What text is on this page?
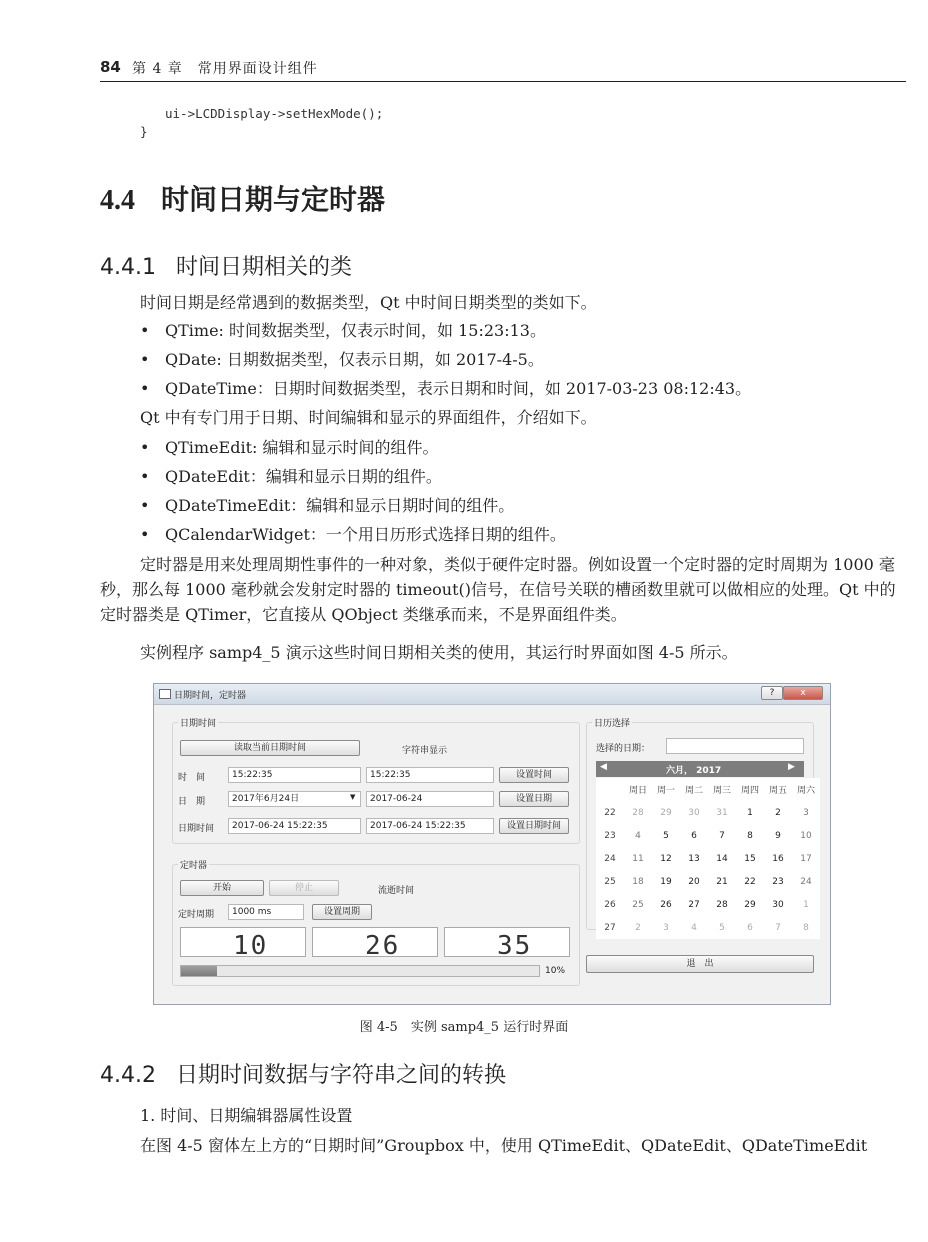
84 第 4 章　常用界面设计组件
ui->LCDDisplay->setHexMode();
}
4.4 时间日期与定时器
4.4.1 时间日期相关的类
时间日期是经常遇到的数据类型，Qt 中时间日期类型的类如下。
• QTime: 时间数据类型，仅表示时间，如 15:23:13。
• QDate: 日期数据类型，仅表示日期，如 2017-4-5。
• QDateTime：日期时间数据类型，表示日期和时间，如 2017-03-23 08:12:43。
Qt 中有专门用于日期、时间编辑和显示的界面组件，介绍如下。
• QTimeEdit: 编辑和显示时间的组件。
• QDateEdit：编辑和显示日期的组件。
• QDateTimeEdit：编辑和显示日期时间的组件。
• QCalendarWidget：一个用日历形式选择日期的组件。
定时器是用来处理周期性事件的一种对象，类似于硬件定时器。例如设置一个定时器的定时周期为 1000 毫秒，那么每 1000 毫秒就会发射定时器的 timeout()信号，在信号关联的槽函数里就可以做相应的处理。Qt 中的定时器类是 QTimer，它直接从 QObject 类继承而来，不是界面组件类。
实例程序 samp4_5 演示这些时间日期相关类的使用，其运行时界面如图 4-5 所示。
日期时间，定时器	?	x
日期时间
读取当前日期时间	字符串显示
时　间	15:22:35	15:22:35	设置时间
日　期	2017年6月24日	▼	2017-06-24	设置日期
日期时间	2017-06-24 15:22:35	2017-06-24 15:22:35	设置日期时间
定时器
开始	停止	流逝时间
定时周期	1000 ms	设置周期
10	26	35
10%
日历选择
选择的日期：
◀	六月， 2017	▶
	周日	周一	周二	周三	周四	周五	周六
22	28	29	30	31	1	2	3
23	4	5	6	7	8	9	10
24	11	12	13	14	15	16	17
25	18	19	20	21	22	23	24
26	25	26	27	28	29	30	1
27	2	3	4	5	6	7	8
退　出
图 4-5　实例 samp4_5 运行时界面
4.4.2 日期时间数据与字符串之间的转换
1. 时间、日期编辑器属性设置
在图 4-5 窗体左上方的“日期时间”Groupbox 中，使用 QTimeEdit、QDateEdit、QDateTimeEdit
